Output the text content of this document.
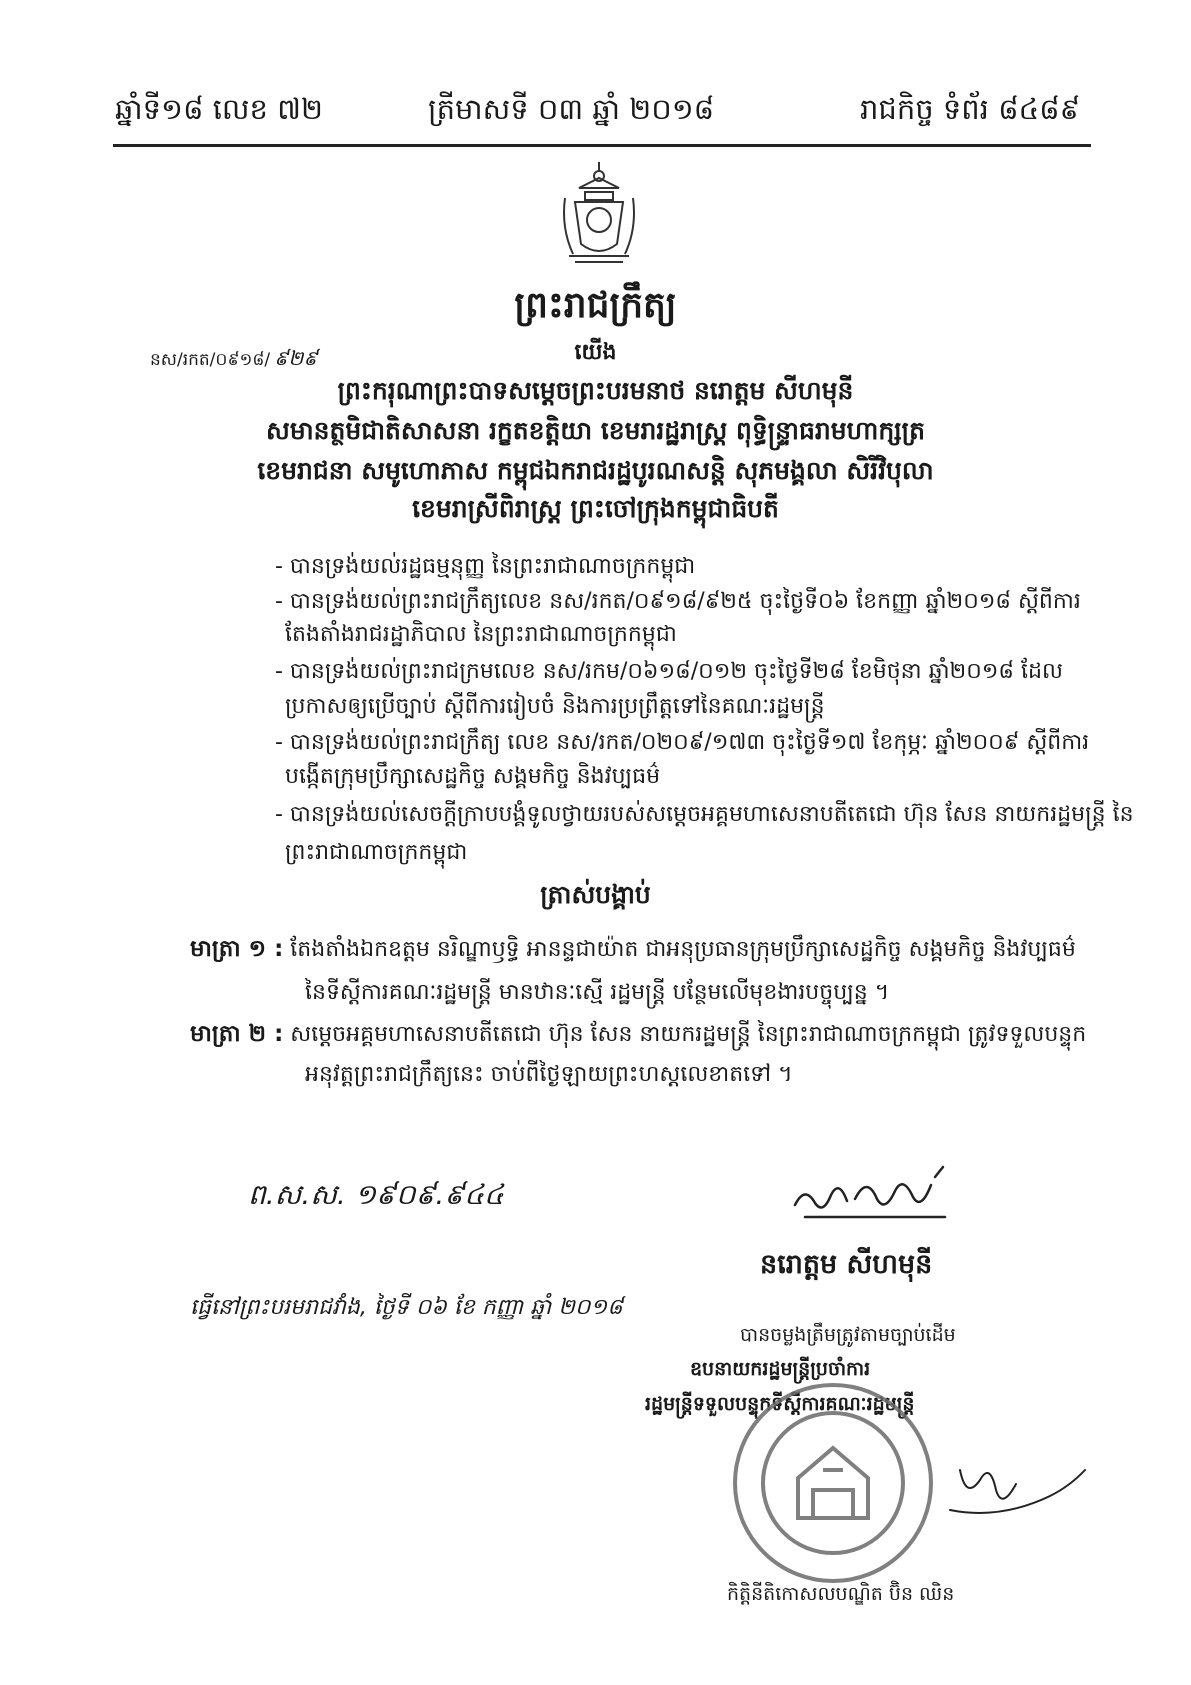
ឆ្នាំទី១៨ លេខ ៧២	ត្រីមាសទី ០៣ ឆ្នាំ ២០១៨	រាជកិច្ច ទំព័រ ៨៤៨៩
ព្រះរាជក្រឹត្យ
នស/រកត/០៩១៨/ ៩២៩	យើង
ព្រះករុណាព្រះបាទសម្តេចព្រះបរមនាថ នរោត្តម សីហមុនី
សមានត្ថមិជាតិសាសនា រក្ខតខត្តិយា ខេមរារដ្ឋរាស្ត្រ ពុទ្ធិន្ទ្រាធរាមហាក្សត្រ
ខេមរាជនា សមូហោភាស កម្ពុជឯករាជរដ្ឋបូរណសន្តិ សុភមង្គលា សិរីវិបុលា
ខេមរាស្រីពិរាស្ត្រ ព្រះចៅក្រុងកម្ពុជាធិបតី
- បានទ្រង់យល់រដ្ឋធម្មនុញ្ញ នៃព្រះរាជាណាចក្រកម្ពុជា
- បានទ្រង់យល់ព្រះរាជក្រឹត្យលេខ នស/រកត/០៩១៨/៩២៥ ចុះថ្ងៃទី០៦ ខែកញ្ញា ឆ្នាំ២០១៨ ស្តីពីការ
តែងតាំងរាជរដ្ឋាភិបាល នៃព្រះរាជាណាចក្រកម្ពុជា
- បានទ្រង់យល់ព្រះរាជក្រមលេខ នស/រកម/០៦១៨/០១២ ចុះថ្ងៃទី២៨ ខែមិថុនា ឆ្នាំ២០១៨ ដែល
ប្រកាសឲ្យប្រើច្បាប់ ស្តីពីការរៀបចំ និងការប្រព្រឹត្តទៅនៃគណៈរដ្ឋមន្ត្រី
- បានទ្រង់យល់ព្រះរាជក្រឹត្យ លេខ នស/រកត/០២០៩/១៧៣ ចុះថ្ងៃទី១៧ ខែកុម្ភៈ ឆ្នាំ២០០៩ ស្តីពីការ
បង្កើតក្រុមប្រឹក្សាសេដ្ឋកិច្ច សង្គមកិច្ច និងវប្បធម៌
- បានទ្រង់យល់សេចក្តីក្រាបបង្គំទូលថ្វាយរបស់សម្តេចអគ្គមហាសេនាបតីតេជោ ហ៊ុន សែន នាយករដ្ឋមន្ត្រី នៃ
ព្រះរាជាណាចក្រកម្ពុជា
ត្រាស់បង្គាប់
មាត្រា ១ : តែងតាំងឯកឧត្តម នរិណ្ឌាឫទ្ធិ អានន្ទជាយ៉ាត ជាអនុប្រធានក្រុមប្រឹក្សាសេដ្ឋកិច្ច សង្គមកិច្ច និងវប្បធម៌
នៃទីស្តីការគណៈរដ្ឋមន្ត្រី មានឋានៈស្មើ រដ្ឋមន្ត្រី បន្ថែមលើមុខងារបច្ចុប្បន្ន ។
មាត្រា ២ : សម្តេចអគ្គមហាសេនាបតីតេជោ ហ៊ុន សែន នាយករដ្ឋមន្ត្រី នៃព្រះរាជាណាចក្រកម្ពុជា ត្រូវទទួលបន្ទុក
អនុវត្តព្រះរាជក្រឹត្យនេះ ចាប់ពីថ្ងៃឡាយព្រះហស្តលេខាតទៅ ។
ព.ស.ស. ១៩០៩.៩៤៤
នរោត្តម សីហមុនី
ធ្វើនៅព្រះបរមរាជវាំង, ថ្ងៃទី ០៦ ខែ កញ្ញា ឆ្នាំ ២០១៨
បានចម្លងត្រឹមត្រូវតាមច្បាប់ដើម
ឧបនាយករដ្ឋមន្ត្រីប្រចាំការ
រដ្ឋមន្ត្រីទទួលបន្ទុកទីស្តីការគណៈរដ្ឋមន្ត្រី
កិត្តិនីតិកោសលបណ្ឌិត ប៊ិន ឈិន
